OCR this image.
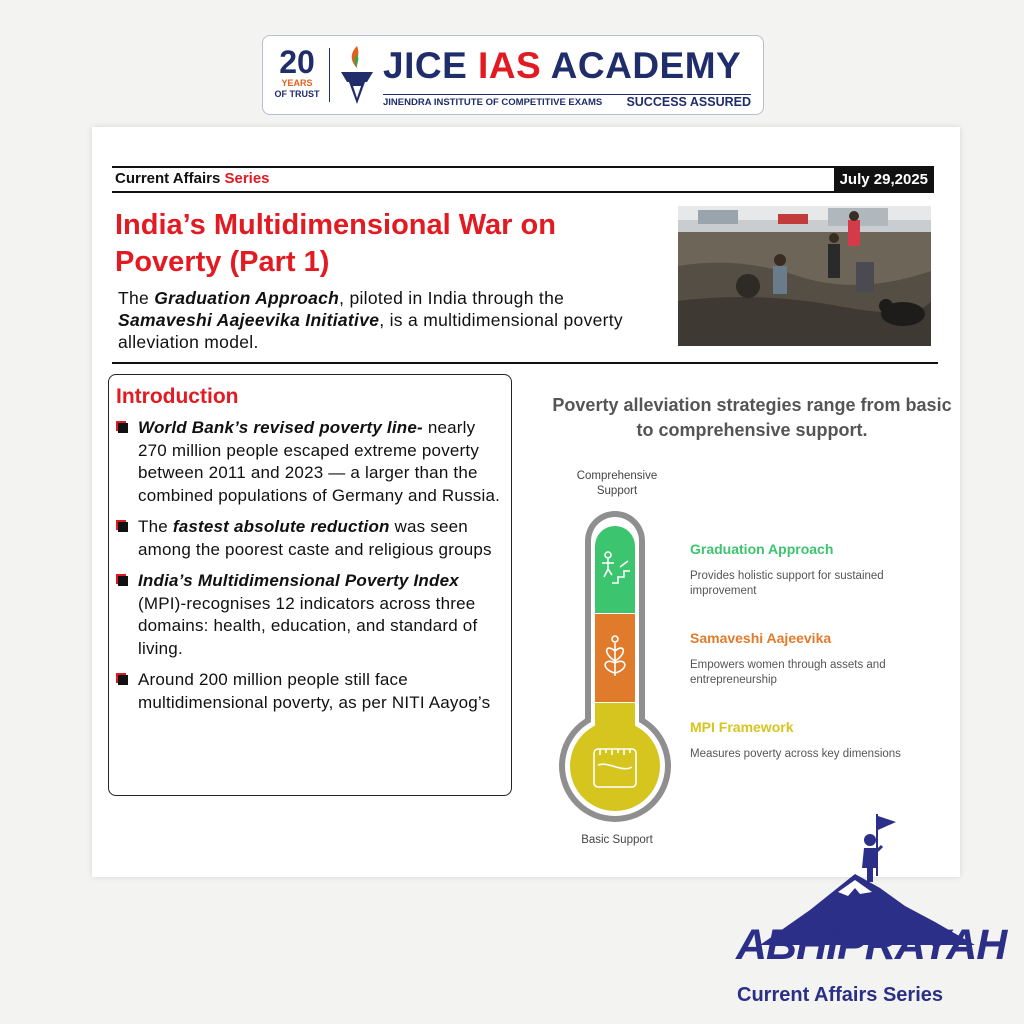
20
YEARS
OF TRUST
JICE IAS ACADEMY
JINENDRA INSTITUTE OF COMPETITIVE EXAMS SUCCESS ASSURED
Current Affairs Series	July 29,2025
India’s Multidimensional War on Poverty (Part 1)
The Graduation Approach, piloted in India through the Samaveshi Aajeevika Initiative, is a multidimensional poverty alleviation model.
Introduction
World Bank’s revised poverty line- nearly 270 million people escaped extreme poverty between 2011 and 2023 — a larger than the combined populations of Germany and Russia.
The fastest absolute reduction was seen among the poorest caste and religious groups
India’s Multidimensional Poverty Index (MPI)-recognises 12 indicators across three domains: health, education, and standard of living.
Around 200 million people still face multidimensional poverty, as per NITI Aayog’s
Poverty alleviation strategies range from basic to comprehensive support.
Comprehensive Support
Basic Support
Graduation Approach
Provides holistic support for sustained improvement
Samaveshi Aajeevika
Empowers women through assets and entrepreneurship
MPI Framework
Measures poverty across key dimensions
ABHIPRAYAH
Current Affairs Series
